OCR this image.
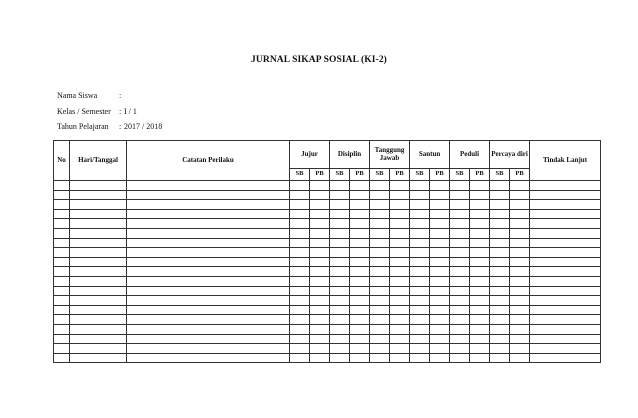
JURNAL SIKAP SOSIAL (KI-2)
Nama Siswa	:
Kelas / Semester : I / 1
Tahun Pelajaran : 2017 / 2018
No	Hari/Tanggal	Catatan Perilaku	Jujur		Disiplin		Tanggung Jawab		Santun		Peduli		Percaya diri		Tindak Lanjut
			SB	PB	SB	PB	SB	PB	SB	PB	SB	PB	SB	PB	
